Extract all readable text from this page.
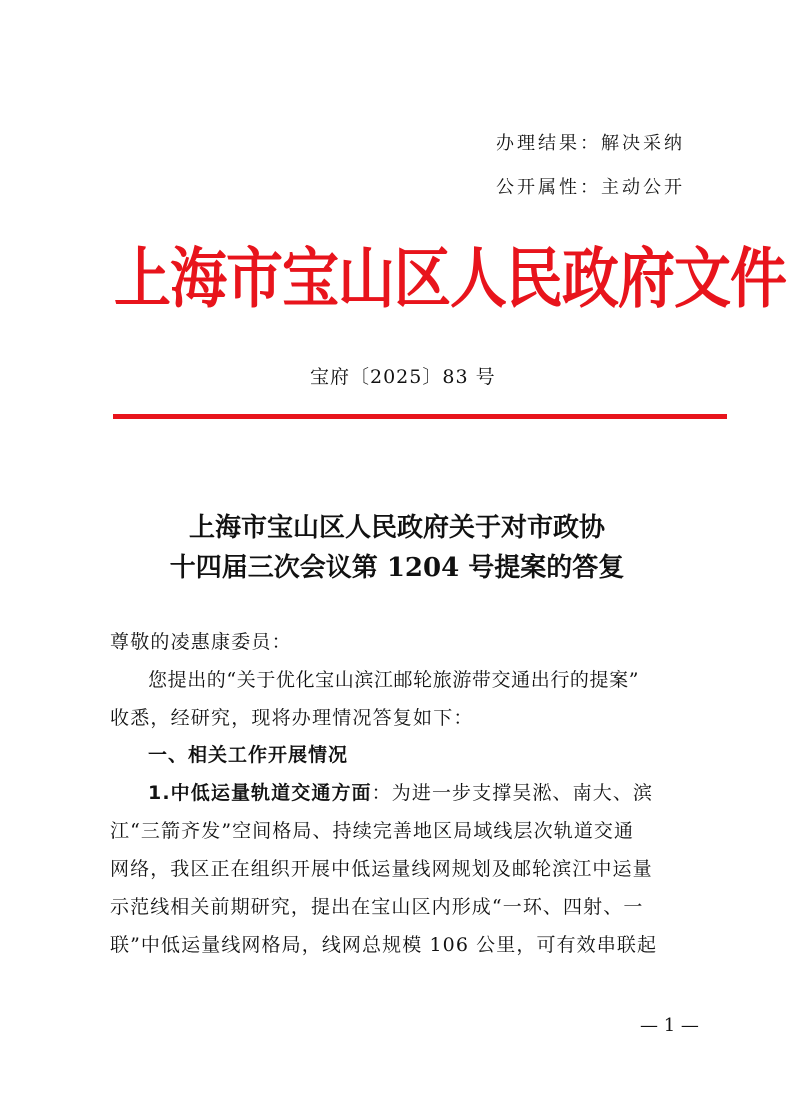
办理结果：解决采纳
公开属性：主动公开
上海市宝山区人民政府文件
宝府〔2025〕83 号
上海市宝山区人民政府关于对市政协
十四届三次会议第 1204 号提案的答复
尊敬的凌惠康委员：
您提出的“关于优化宝山滨江邮轮旅游带交通出行的提案”
收悉，经研究，现将办理情况答复如下：
一、相关工作开展情况
1.中低运量轨道交通方面：为进一步支撑吴淞、南大、滨
江“三箭齐发”空间格局、持续完善地区局域线层次轨道交通
网络，我区正在组织开展中低运量线网规划及邮轮滨江中运量
示范线相关前期研究，提出在宝山区内形成“一环、四射、一
联”中低运量线网格局，线网总规模 106 公里，可有效串联起
— 1 —
